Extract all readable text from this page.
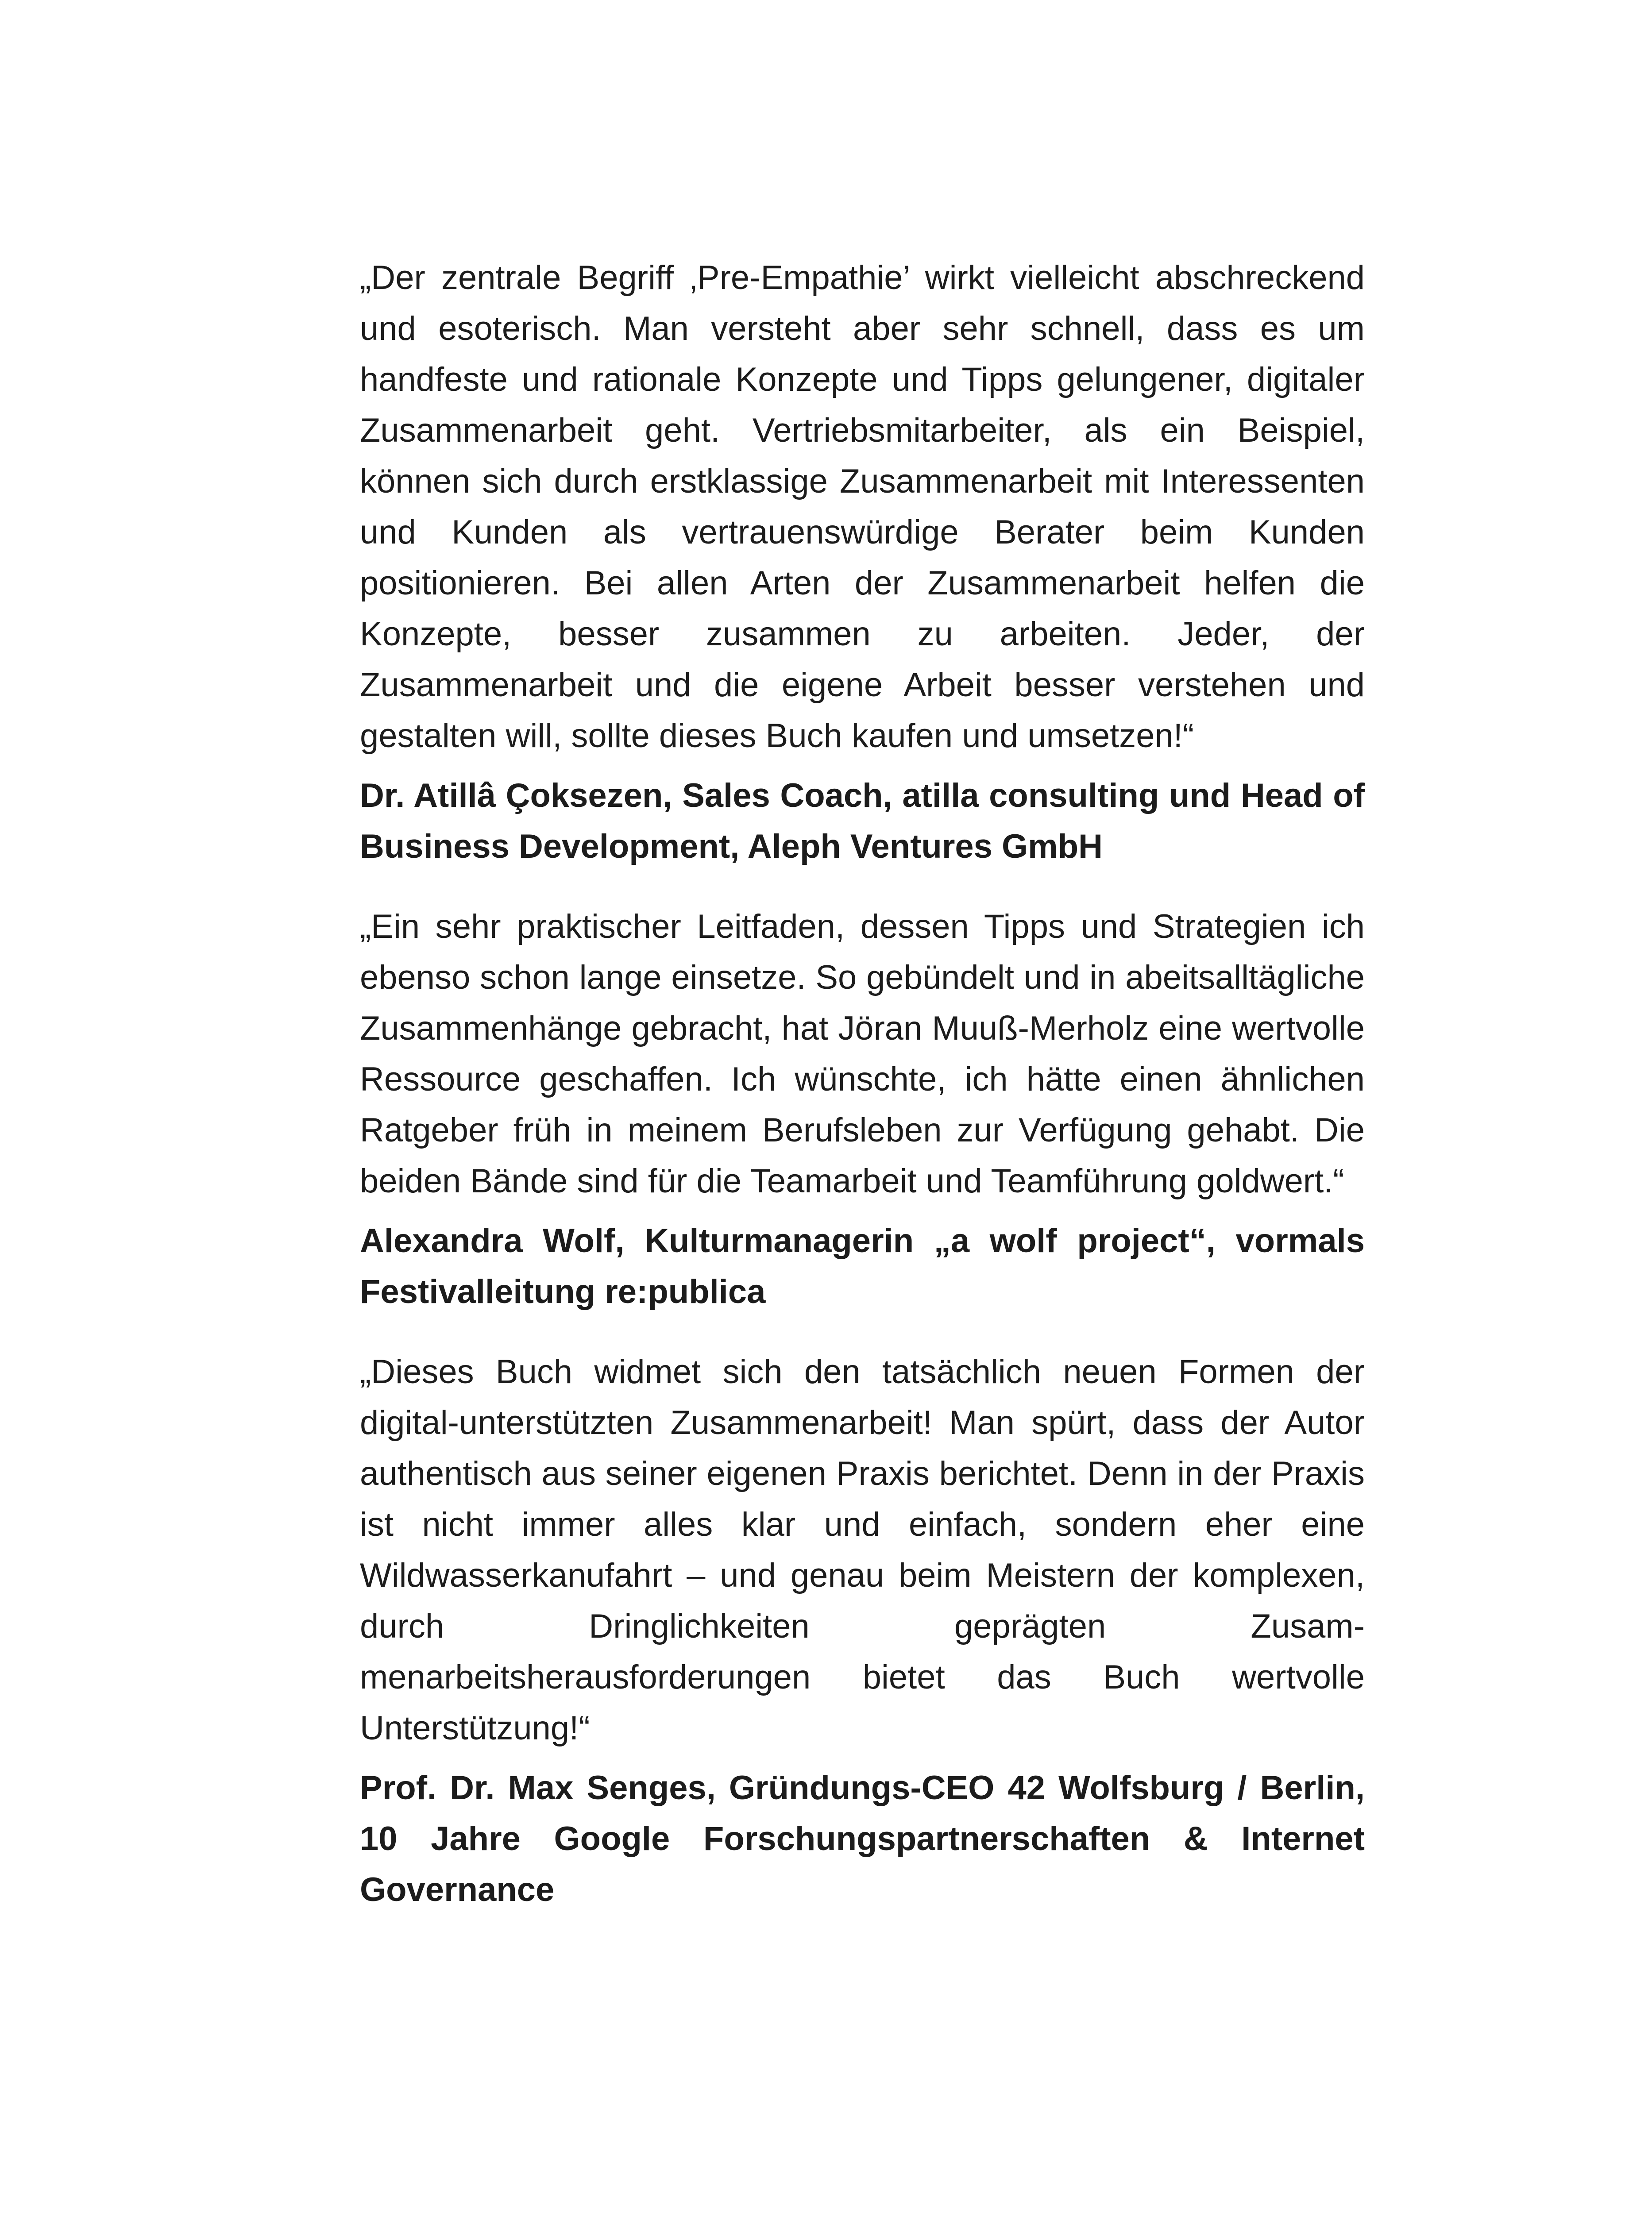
„Der zentrale Begriff ‚Pre-Empathie’ wirkt vielleicht abschreckend und esoterisch. Man versteht aber sehr schnell, dass es um handfeste und rationale Konzepte und Tipps gelungener, digitaler Zusammenarbeit geht. Vertriebsmitarbeiter, als ein Beispiel, können sich durch erstklassige Zusammenarbeit mit Interessenten und Kunden als vertrauenswürdige Berater beim Kunden positionieren. Bei allen Arten der Zusammenarbeit helfen die Konzepte, besser zusammen zu arbeiten. Jeder, der Zusammenarbeit und die eigene Arbeit besser verstehen und gestalten will, sollte dieses Buch kaufen und umsetzen!“

Dr. Atillâ Çoksezen, Sales Coach, atilla consulting und Head of Business Development, Aleph Ventures GmbH

„Ein sehr praktischer Leitfaden, dessen Tipps und Strategien ich ebenso schon lange einsetze. So gebündelt und in abeitsalltägliche Zusammenhänge gebracht, hat Jöran Muuß-Merholz eine wertvolle Ressource geschaffen. Ich wünschte, ich hätte einen ähnlichen Ratgeber früh in meinem Berufsleben zur Verfügung gehabt. Die beiden Bände sind für die Teamarbeit und Teamführung goldwert.“

Alexandra Wolf, Kulturmanagerin „a wolf project“, vormals Festivalleitung re:publica

„Dieses Buch widmet sich den tatsächlich neuen Formen der digital-unterstützten Zusammenarbeit! Man spürt, dass der Autor authentisch aus seiner eigenen Praxis berichtet. Denn in der Praxis ist nicht immer alles klar und einfach, sondern eher eine Wildwasserkanufahrt – und genau beim Meistern der komplexen, durch Dringlichkeiten geprägten Zusammenarbeitsherausforderungen bietet das Buch wertvolle Unterstützung!“

Prof. Dr. Max Senges, Gründungs-CEO 42 Wolfsburg / Berlin, 10 Jahre Google Forschungspartnerschaften & Internet Governance
